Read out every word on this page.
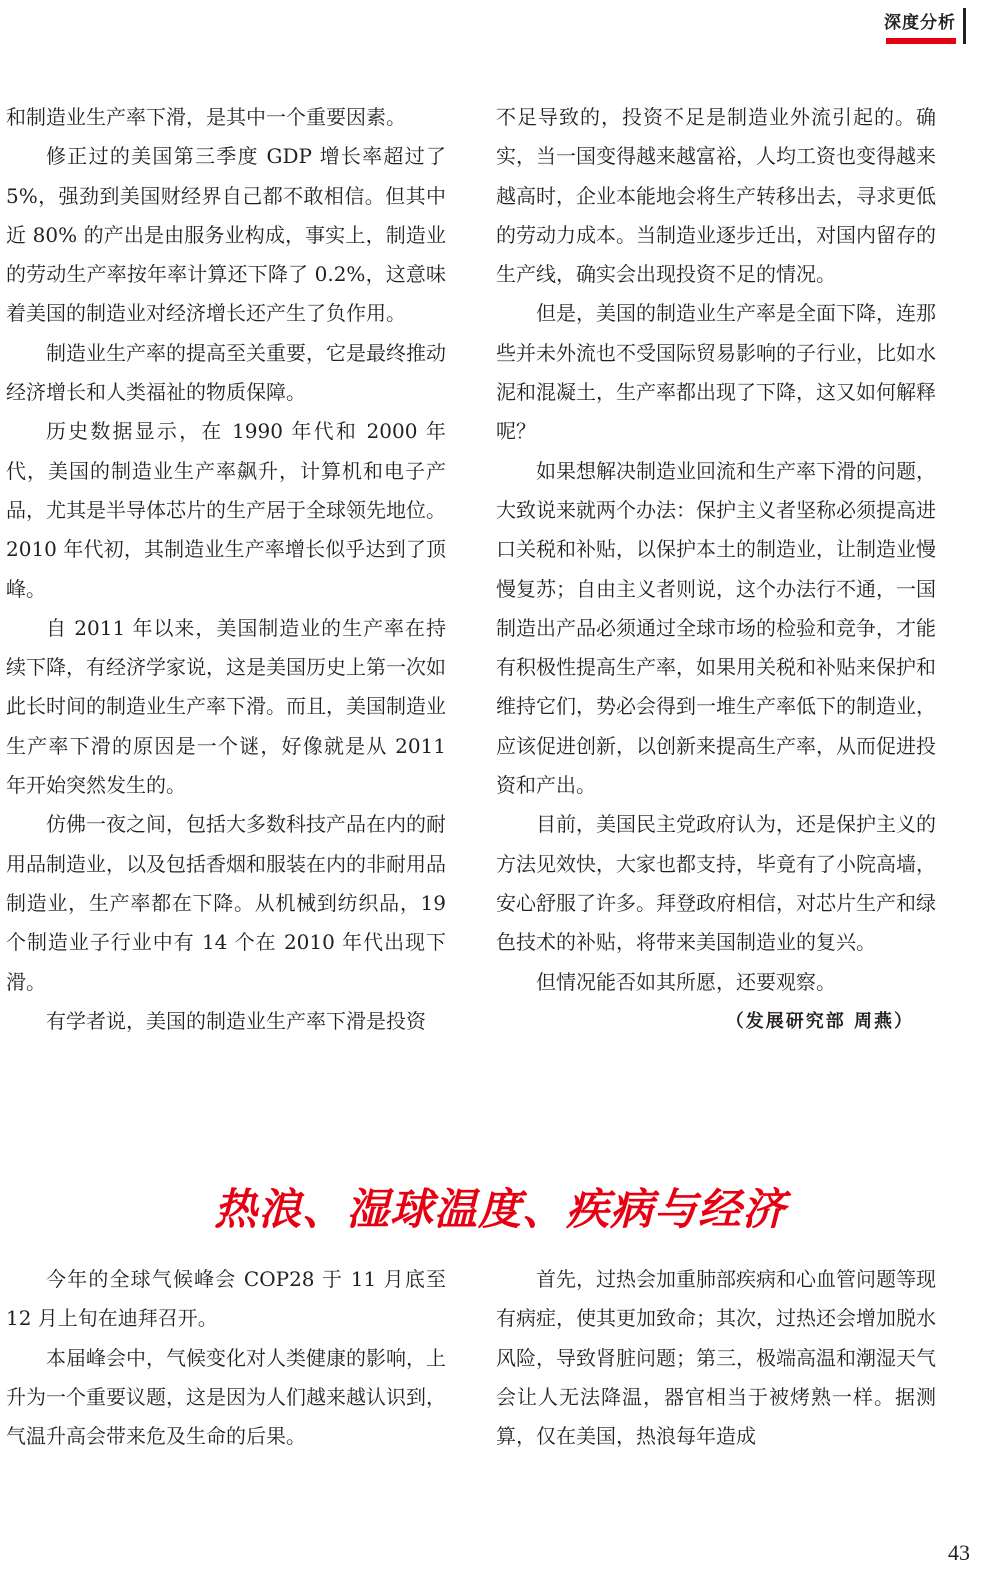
深度分析

和制造业生产率下滑，是其中一个重要因素。

修正过的美国第三季度 GDP 增长率超过了 5%，强劲到美国财经界自己都不敢相信。但其中近 80% 的产出是由服务业构成，事实上，制造业的劳动生产率按年率计算还下降了 0.2%，这意味着美国的制造业对经济增长还产生了负作用。

制造业生产率的提高至关重要，它是最终推动经济增长和人类福祉的物质保障。

历史数据显示，在 1990 年代和 2000 年代，美国的制造业生产率飙升，计算机和电子产品，尤其是半导体芯片的生产居于全球领先地位。2010 年代初，其制造业生产率增长似乎达到了顶峰。

自 2011 年以来，美国制造业的生产率在持续下降，有经济学家说，这是美国历史上第一次如此长时间的制造业生产率下滑。而且，美国制造业生产率下滑的原因是一个谜，好像就是从 2011 年开始突然发生的。

仿佛一夜之间，包括大多数科技产品在内的耐用品制造业，以及包括香烟和服装在内的非耐用品制造业，生产率都在下降。从机械到纺织品，19 个制造业子行业中有 14 个在 2010 年代出现下滑。

有学者说，美国的制造业生产率下滑是投资

不足导致的，投资不足是制造业外流引起的。确实，当一国变得越来越富裕，人均工资也变得越来越高时，企业本能地会将生产转移出去，寻求更低的劳动力成本。当制造业逐步迁出，对国内留存的生产线，确实会出现投资不足的情况。

但是，美国的制造业生产率是全面下降，连那些并未外流也不受国际贸易影响的子行业，比如水泥和混凝土，生产率都出现了下降，这又如何解释呢？

如果想解决制造业回流和生产率下滑的问题，大致说来就两个办法：保护主义者坚称必须提高进口关税和补贴，以保护本土的制造业，让制造业慢慢复苏；自由主义者则说，这个办法行不通，一国制造出产品必须通过全球市场的检验和竞争，才能有积极性提高生产率，如果用关税和补贴来保护和维持它们，势必会得到一堆生产率低下的制造业，应该促进创新，以创新来提高生产率，从而促进投资和产出。

目前，美国民主党政府认为，还是保护主义的方法见效快，大家也都支持，毕竟有了小院高墙，安心舒服了许多。拜登政府相信，对芯片生产和绿色技术的补贴，将带来美国制造业的复兴。

但情况能否如其所愿，还要观察。

（发展研究部 周燕）

热浪、湿球温度、疾病与经济

今年的全球气候峰会 COP28 于 11 月底至 12 月上旬在迪拜召开。

本届峰会中，气候变化对人类健康的影响，上升为一个重要议题，这是因为人们越来越认识到，气温升高会带来危及生命的后果。

首先，过热会加重肺部疾病和心血管问题等现有病症，使其更加致命；其次，过热还会增加脱水风险，导致肾脏问题；第三，极端高温和潮湿天气会让人无法降温，器官相当于被烤熟一样。据测算，仅在美国，热浪每年造成

43
